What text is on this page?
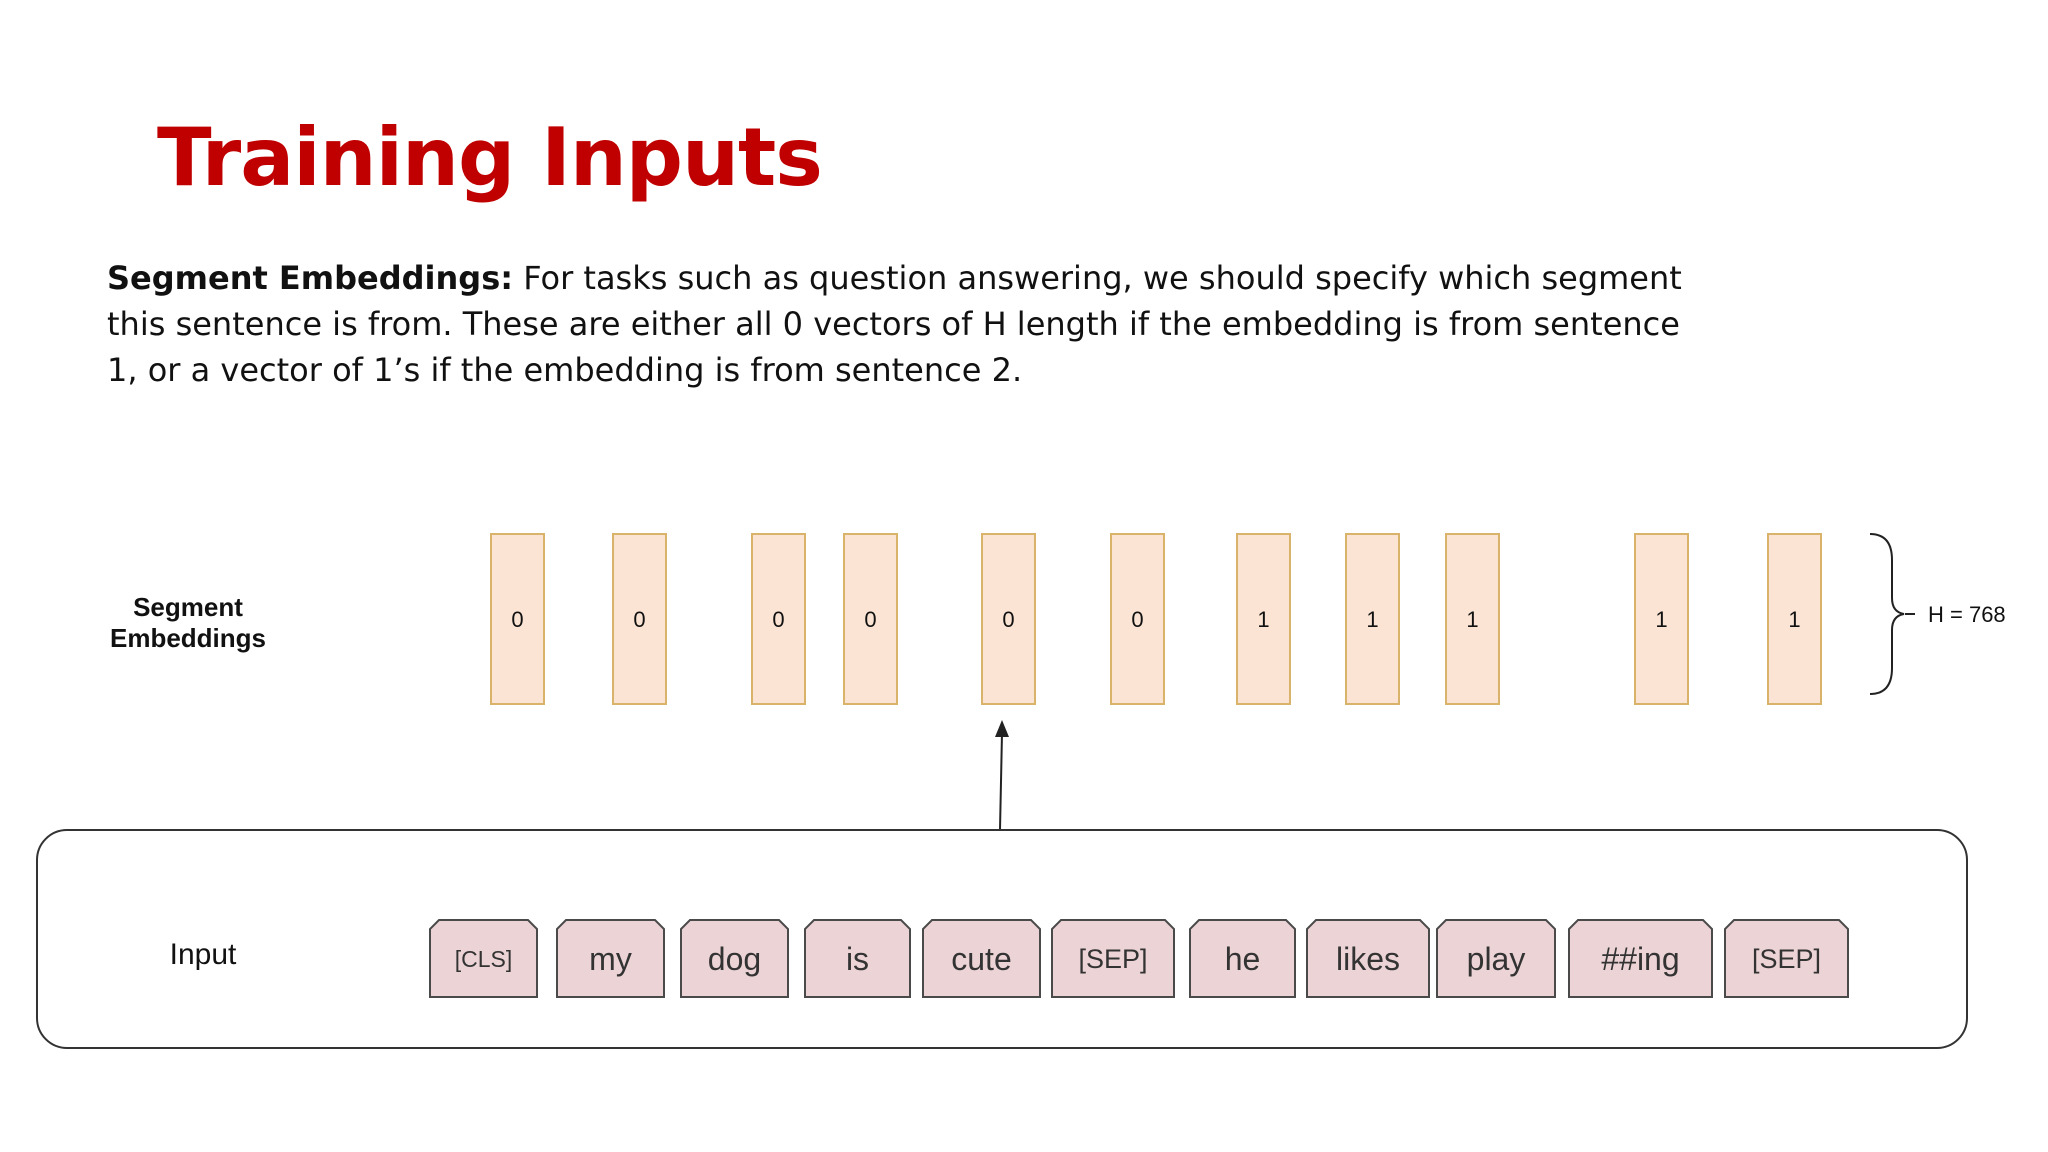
Training Inputs

Segment Embeddings: For tasks such as question answering, we should specify which segment this sentence is from. These are either all 0 vectors of H length if the embedding is from sentence 1, or a vector of 1’s if the embedding is from sentence 2.

Segment
Embeddings
0	0	0	0	0	0	1	1	1	1	1	H = 768
Input	[CLS] my dog	is	cute [SEP] he likes play ##ing	[SEP]
